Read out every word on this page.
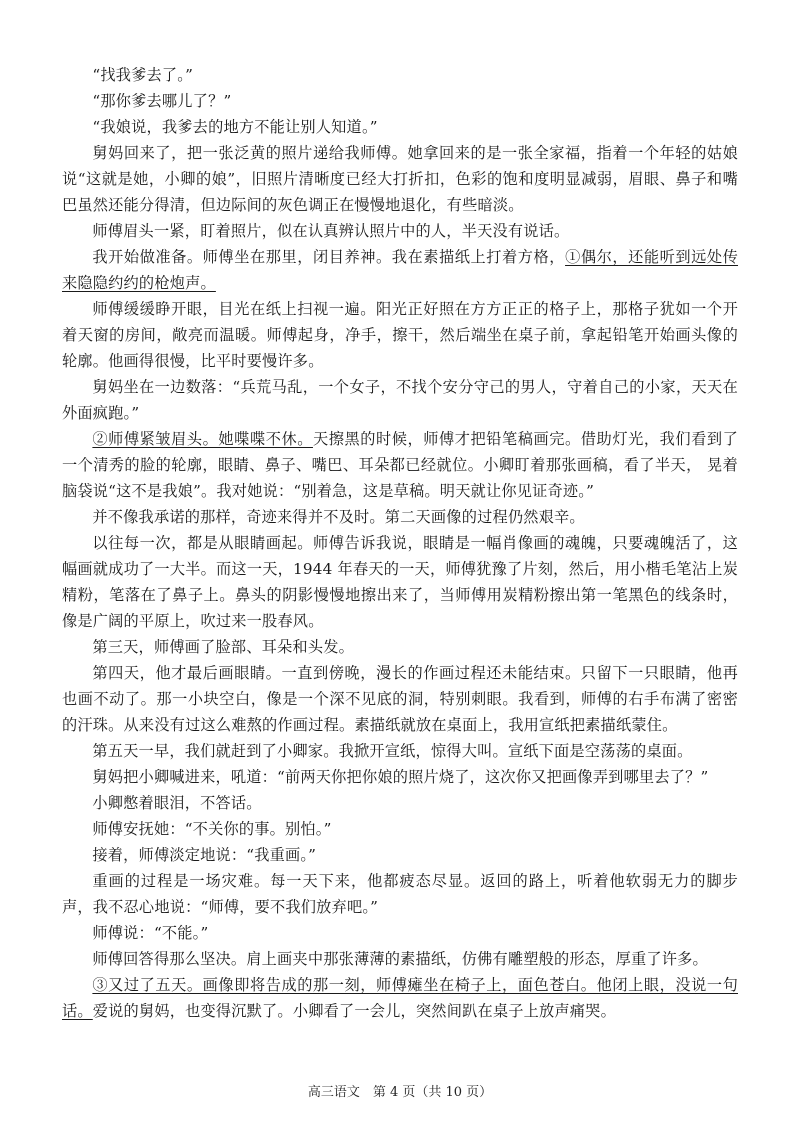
“找我爹去了。”

“那你爹去哪儿了？”

“我娘说，我爹去的地方不能让别人知道。”

舅妈回来了，把一张泛黄的照片递给我师傅。她拿回来的是一张全家福，指着一个年轻的姑娘说“这就是她，小卿的娘”，旧照片清晰度已经大打折扣，色彩的饱和度明显减弱，眉眼、鼻子和嘴巴虽然还能分得清，但边际间的灰色调正在慢慢地退化，有些暗淡。

师傅眉头一紧，盯着照片，似在认真辨认照片中的人，半天没有说话。

我开始做准备。师傅坐在那里，闭目养神。我在素描纸上打着方格，①偶尔，还能听到远处传来隐隐约约的枪炮声。

师傅缓缓睁开眼，目光在纸上扫视一遍。阳光正好照在方方正正的格子上，那格子犹如一个开着天窗的房间，敞亮而温暖。师傅起身，净手，擦干，然后端坐在桌子前，拿起铅笔开始画头像的轮廓。他画得很慢，比平时要慢许多。

舅妈坐在一边数落：“兵荒马乱，一个女子，不找个安分守己的男人，守着自己的小家，天天在外面疯跑。”

②师傅紧皱眉头。她喋喋不休。天擦黑的时候，师傅才把铅笔稿画完。借助灯光，我们看到了一个清秀的脸的轮廓，眼睛、鼻子、嘴巴、耳朵都已经就位。小卿盯着那张画稿，看了半天， 晃着脑袋说“这不是我娘”。我对她说：“别着急，这是草稿。明天就让你见证奇迹。”

并不像我承诺的那样，奇迹来得并不及时。第二天画像的过程仍然艰辛。

以往每一次，都是从眼睛画起。师傅告诉我说，眼睛是一幅肖像画的魂魄，只要魂魄活了，这幅画就成功了一大半。而这一天，1944 年春天的一天，师傅犹豫了片刻，然后，用小楷毛笔沾上炭精粉，笔落在了鼻子上。鼻头的阴影慢慢地擦出来了，当师傅用炭精粉擦出第一笔黑色的线条时，像是广阔的平原上，吹过来一股春风。

第三天，师傅画了脸部、耳朵和头发。

第四天，他才最后画眼睛。一直到傍晚，漫长的作画过程还未能结束。只留下一只眼睛，他再也画不动了。那一小块空白，像是一个深不见底的洞，特别刺眼。我看到，师傅的右手布满了密密的汗珠。从来没有过这么难熬的作画过程。素描纸就放在桌面上，我用宣纸把素描纸蒙住。

第五天一早，我们就赶到了小卿家。我掀开宣纸，惊得大叫。宣纸下面是空荡荡的桌面。

舅妈把小卿喊进来，吼道：“前两天你把你娘的照片烧了，这次你又把画像弄到哪里去了？”

小卿憋着眼泪，不答话。

师傅安抚她：“不关你的事。别怕。”

接着，师傅淡定地说：“我重画。”

重画的过程是一场灾难。每一天下来，他都疲态尽显。返回的路上，听着他软弱无力的脚步声，我不忍心地说：“师傅，要不我们放弃吧。”

师傅说：“不能。”

师傅回答得那么坚决。肩上画夹中那张薄薄的素描纸，仿佛有雕塑般的形态，厚重了许多。

③又过了五天。画像即将告成的那一刻，师傅瘫坐在椅子上，面色苍白。他闭上眼，没说一句话。爱说的舅妈，也变得沉默了。小卿看了一会儿，突然间趴在桌子上放声痛哭。

高三语文　第 4 页（共 10 页）
